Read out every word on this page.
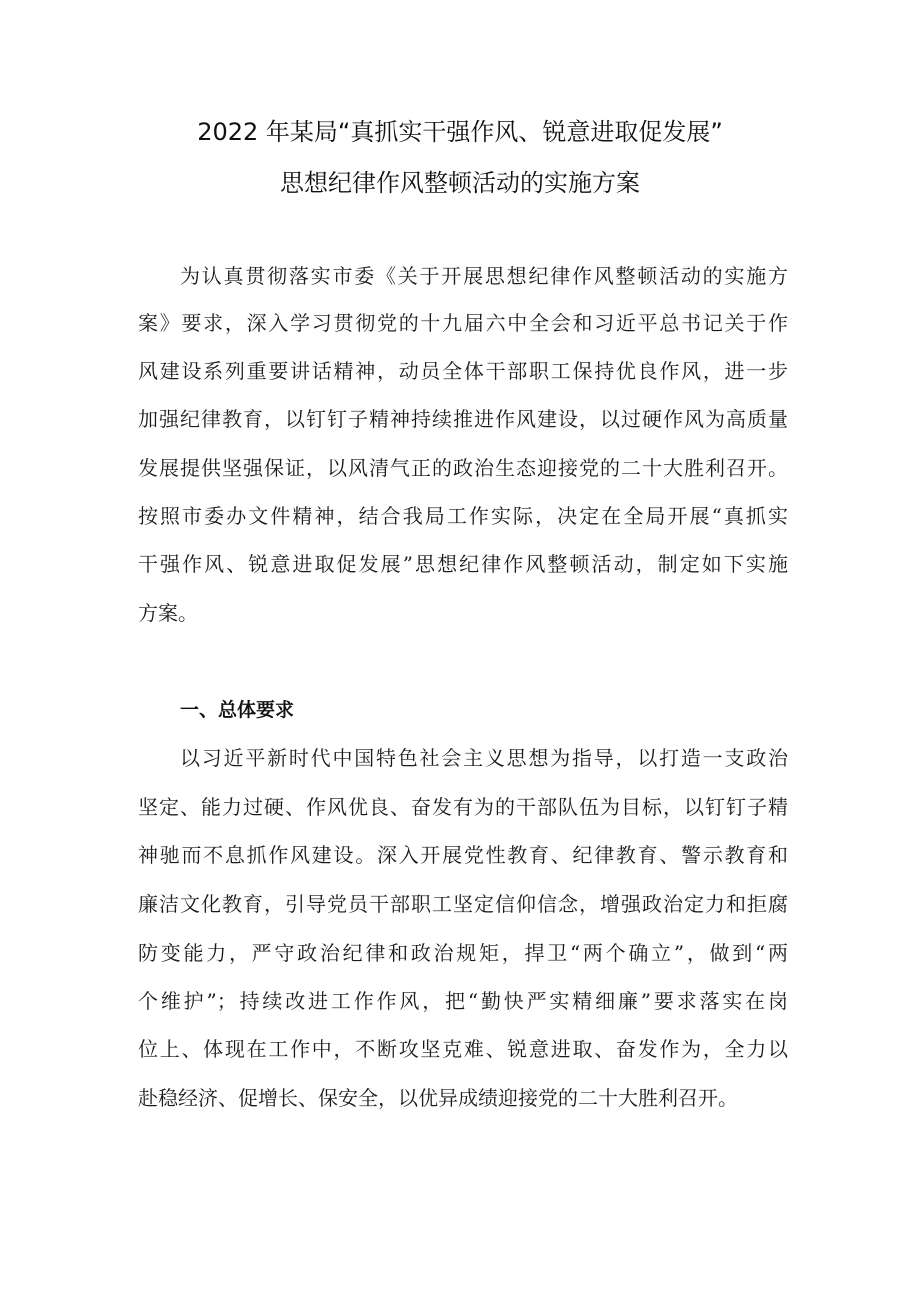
2022 年某局“真抓实干强作风、锐意进取促发展”
思想纪律作风整顿活动的实施方案
为认真贯彻落实市委《关于开展思想纪律作风整顿活动的实施方
案》要求，深入学习贯彻党的十九届六中全会和习近平总书记关于作
风建设系列重要讲话精神，动员全体干部职工保持优良作风，进一步
加强纪律教育，以钉钉子精神持续推进作风建设，以过硬作风为高质量
发展提供坚强保证，以风清气正的政治生态迎接党的二十大胜利召开。
按照市委办文件精神，结合我局工作实际，决定在全局开展“真抓实
干强作风、锐意进取促发展”思想纪律作风整顿活动，制定如下实施
方案。
一、总体要求
以习近平新时代中国特色社会主义思想为指导，以打造一支政治
坚定、能力过硬、作风优良、奋发有为的干部队伍为目标，以钉钉子精
神驰而不息抓作风建设。深入开展党性教育、纪律教育、警示教育和
廉洁文化教育，引导党员干部职工坚定信仰信念，增强政治定力和拒腐
防变能力，严守政治纪律和政治规矩，捍卫“两个确立”，做到“两
个维护”；持续改进工作作风，把“勤快严实精细廉”要求落实在岗
位上、体现在工作中，不断攻坚克难、锐意进取、奋发作为，全力以
赴稳经济、促增长、保安全，以优异成绩迎接党的二十大胜利召开。
